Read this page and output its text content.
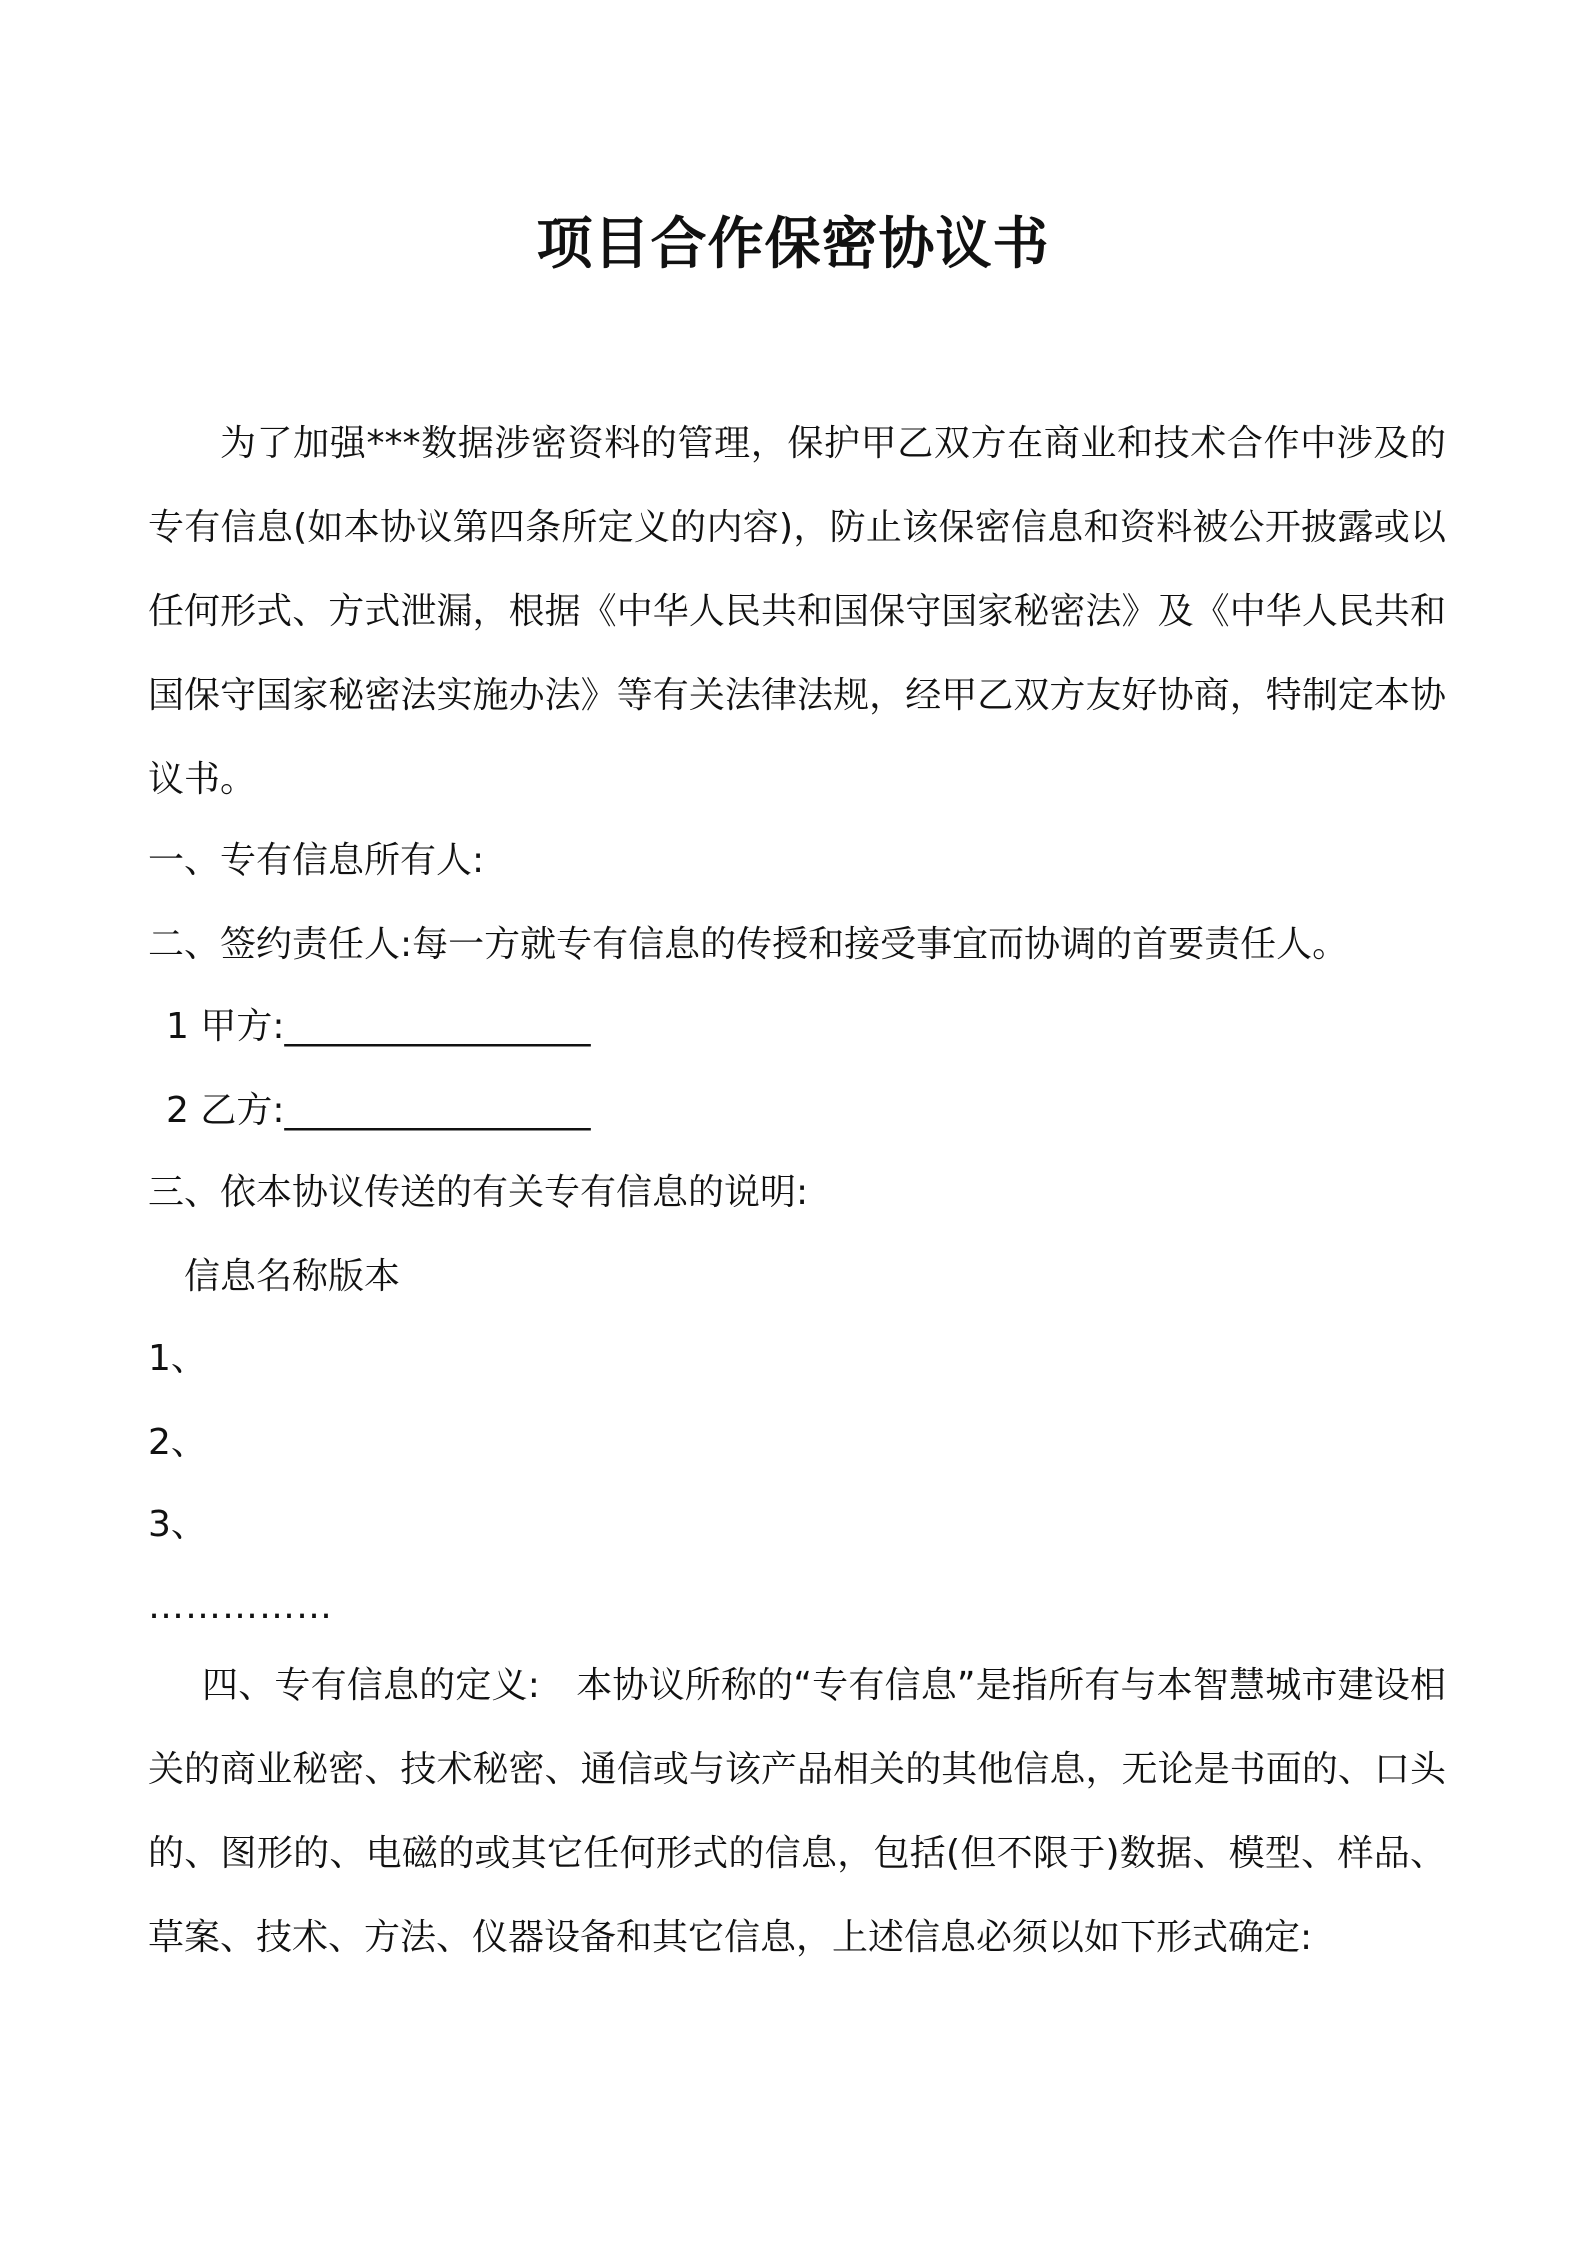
项目合作保密协议书

为了加强***数据涉密资料的管理，保护甲乙双方在商业和技术合作中涉及的专有信息(如本协议第四条所定义的内容)，防止该保密信息和资料被公开披露或以任何形式、方式泄漏，根据《中华人民共和国保守国家秘密法》及《中华人民共和国保守国家秘密法实施办法》等有关法律法规，经甲乙双方友好协商，特制定本协议书。

一、专有信息所有人:
二、签约责任人:每一方就专有信息的传授和接受事宜而协调的首要责任人。
1 甲方:_________________
2 乙方:_________________
三、依本协议传送的有关专有信息的说明:
信息名称版本
1、
2、
3、
……………

四、专有信息的定义:　本协议所称的“专有信息”是指所有与本智慧城市建设相关的商业秘密、技术秘密、通信或与该产品相关的其他信息，无论是书面的、口头的、图形的、电磁的或其它任何形式的信息，包括(但不限于)数据、模型、样品、草案、技术、方法、仪器设备和其它信息，上述信息必须以如下形式确定:
